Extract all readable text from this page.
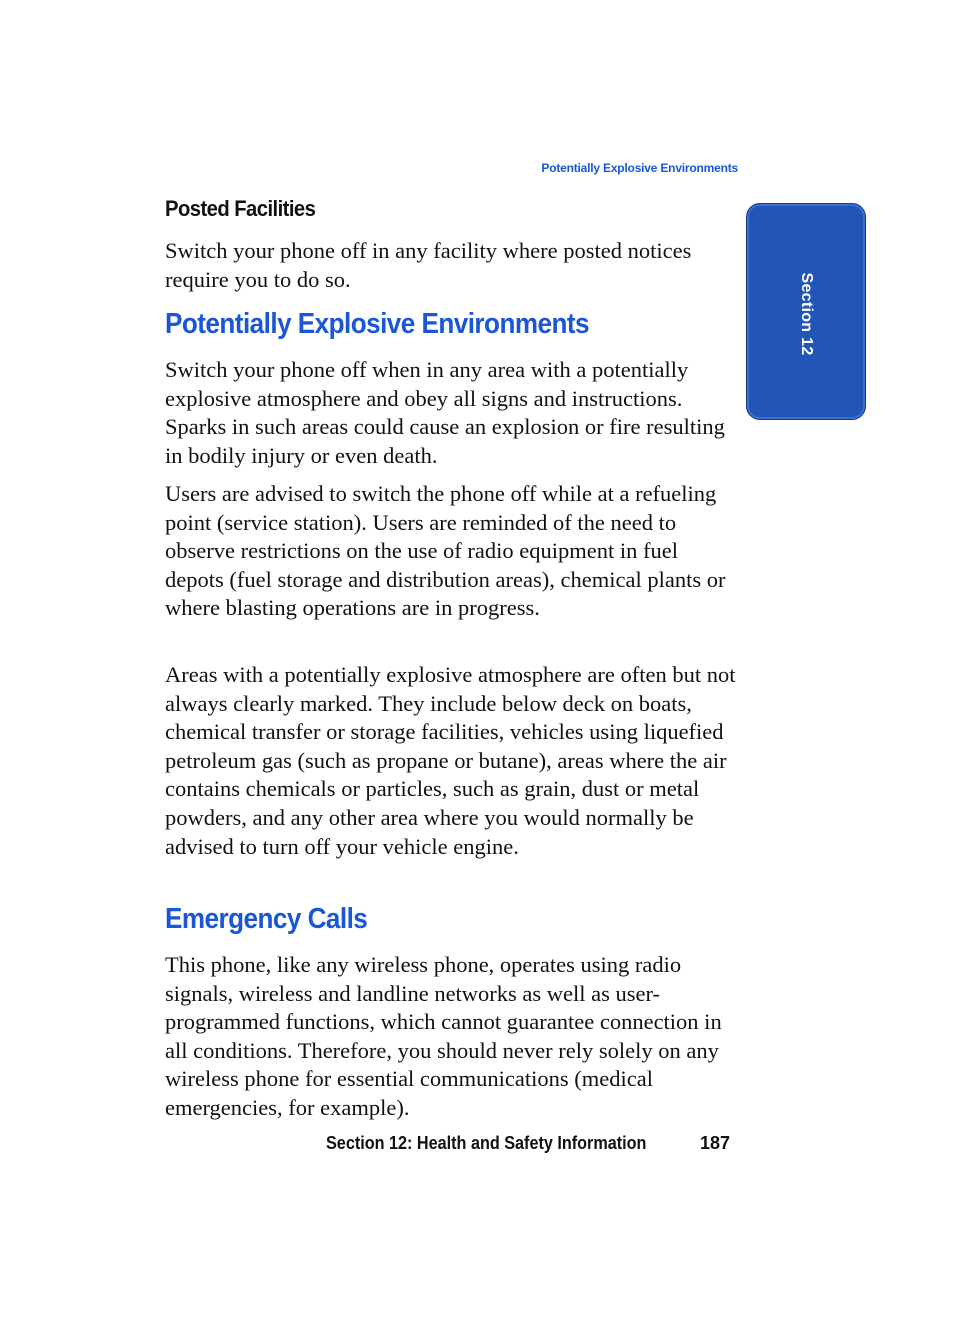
Potentially Explosive Environments
Section 12
Posted Facilities

Switch your phone off in any facility where posted notices require you to do so.

Potentially Explosive Environments

Switch your phone off when in any area with a potentially explosive atmosphere and obey all signs and instructions. Sparks in such areas could cause an explosion or fire resulting in bodily injury or even death.

Users are advised to switch the phone off while at a refueling point (service station). Users are reminded of the need to observe restrictions on the use of radio equipment in fuel depots (fuel storage and distribution areas), chemical plants or where blasting operations are in progress.

Areas with a potentially explosive atmosphere are often but not always clearly marked. They include below deck on boats, chemical transfer or storage facilities, vehicles using liquefied petroleum gas (such as propane or butane), areas where the air contains chemicals or particles, such as grain, dust or metal powders, and any other area where you would normally be advised to turn off your vehicle engine.

Emergency Calls

This phone, like any wireless phone, operates using radio signals, wireless and landline networks as well as user-programmed functions, which cannot guarantee connection in all conditions. Therefore, you should never rely solely on any wireless phone for essential communications (medical emergencies, for example).

Section 12: Health and Safety Information	187
